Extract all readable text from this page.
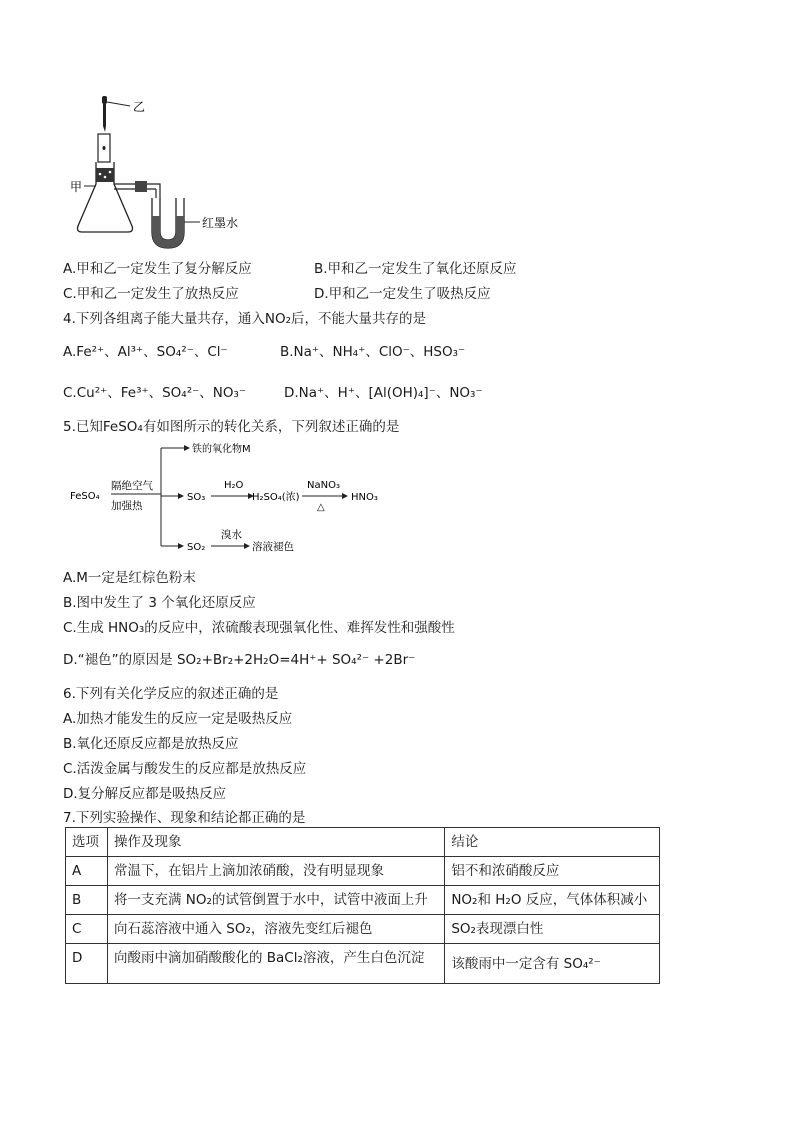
乙
甲
红墨水
A.甲和乙一定发生了复分解反应	B.甲和乙一定发生了氧化还原反应
C.甲和乙一定发生了放热反应	D.甲和乙一定发生了吸热反应
4.下列各组离子能大量共存，通入NO₂后，不能大量共存的是
A.Fe²⁺、Al³⁺、SO₄²⁻、Cl⁻	B.Na⁺、NH₄⁺、ClO⁻、HSO₃⁻
C.Cu²⁺、Fe³⁺、SO₄²⁻、NO₃⁻	D.Na⁺、H⁺、[Al(OH)₄]⁻、NO₃⁻
5.已知FeSO₄有如图所示的转化关系，下列叙述正确的是
FeSO₄
隔绝空气
加强热
铁的氧化物M
SO₃
H₂O
H₂SO₄(浓)
NaNO₃
△
HNO₃
SO₂
溴水
溶液褪色
A.M一定是红棕色粉末
B.图中发生了 3 个氧化还原反应
C.生成 HNO₃的反应中，浓硫酸表现强氧化性、难挥发性和强酸性
D.“褪色”的原因是 SO₂+Br₂+2H₂O=4H⁺+ SO₄²⁻ +2Br⁻
6.下列有关化学反应的叙述正确的是
A.加热才能发生的反应一定是吸热反应
B.氧化还原反应都是放热反应
C.活泼金属与酸发生的反应都是放热反应
D.复分解反应都是吸热反应
7.下列实验操作、现象和结论都正确的是
选项	操作及现象	结论
A	常温下，在铝片上滴加浓硝酸，没有明显现象	铝不和浓硝酸反应
B	将一支充满 NO₂的试管倒置于水中，试管中液面上升	NO₂和 H₂O 反应，气体体积减小
C	向石蕊溶液中通入 SO₂，溶液先变红后褪色	SO₂表现漂白性
D	向酸雨中滴加硝酸酸化的 BaCl₂溶液，产生白色沉淀	该酸雨中一定含有 SO₄²⁻
